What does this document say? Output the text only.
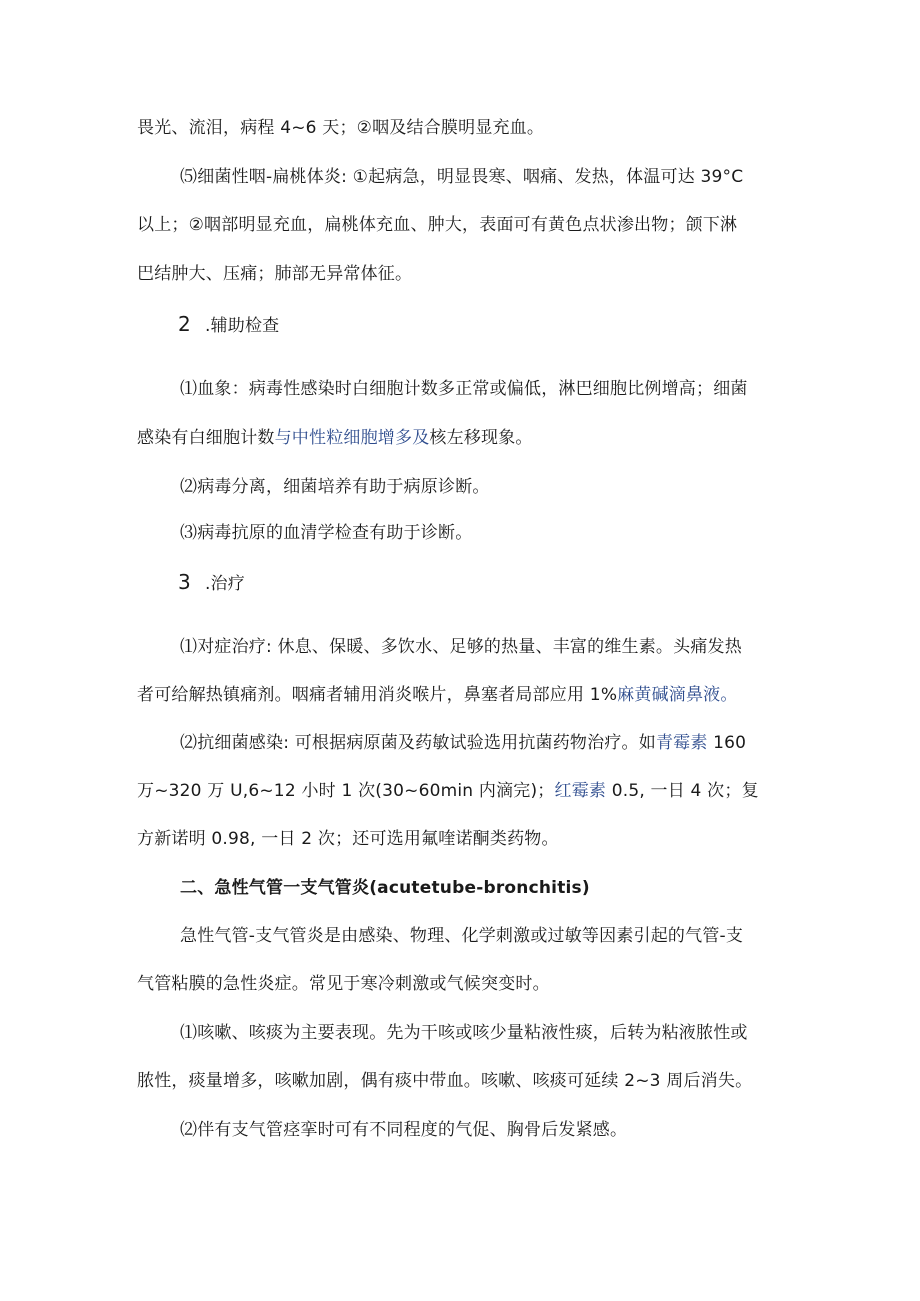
畏光、流泪，病程 4~6 天；②咽及结合膜明显充血。
⑸细菌性咽-扁桃体炎: ①起病急，明显畏寒、咽痛、发热，体温可达 39°C
以上；②咽部明显充血，扁桃体充血、肿大，表面可有黄色点状渗出物；颌下淋
巴结肿大、压痛；肺部无异常体征。
2 .辅助检查
⑴血象：病毒性感染时白细胞计数多正常或偏低，淋巴细胞比例增高；细菌
感染有白细胞计数与中性粒细胞增多及核左移现象。
⑵病毒分离，细菌培养有助于病原诊断。
⑶病毒抗原的血清学检查有助于诊断。
3 .治疗
⑴对症治疗: 休息、保暖、多饮水、足够的热量、丰富的维生素。头痛发热
者可给解热镇痛剂。咽痛者辅用消炎喉片，鼻塞者局部应用 1%麻黄碱滴鼻液。
⑵抗细菌感染: 可根据病原菌及药敏试验选用抗菌药物治疗。如青霉素 160
万~320 万 U,6~12 小时 1 次(30~60min 内滴完)；红霉素 0.5, 一日 4 次；复
方新诺明 0.98, 一日 2 次；还可选用氟喹诺酮类药物。
二、急性气管一支气管炎(acutetube-bronchitis)
急性气管-支气管炎是由感染、物理、化学刺激或过敏等因素引起的气管-支
气管粘膜的急性炎症。常见于寒冷刺激或气候突变时。
⑴咳嗽、咳痰为主要表现。先为干咳或咳少量粘液性痰，后转为粘液脓性或
脓性，痰量增多，咳嗽加剧，偶有痰中带血。咳嗽、咳痰可延续 2~3 周后消失。
⑵伴有支气管痉挛时可有不同程度的气促、胸骨后发紧感。
